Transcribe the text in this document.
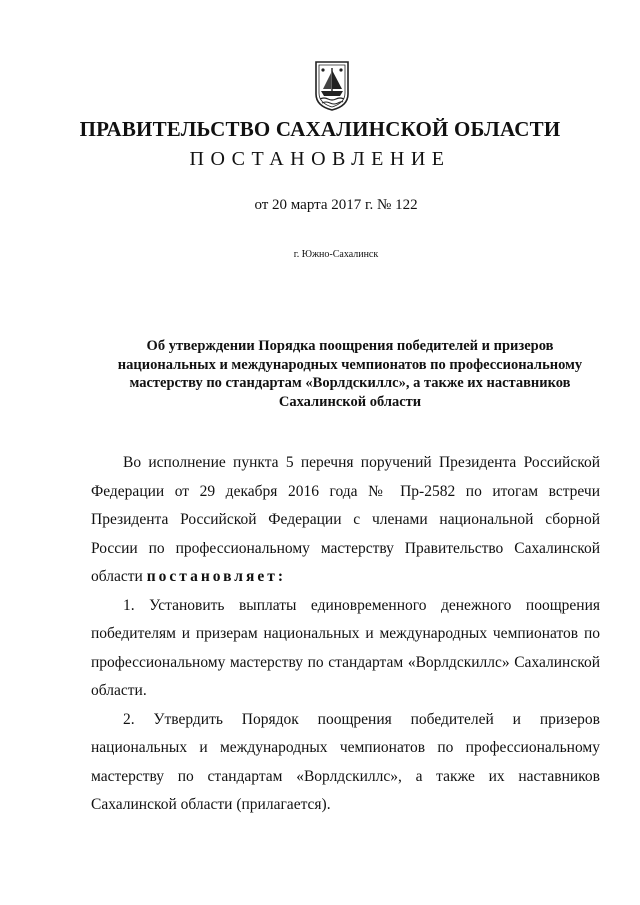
ПРАВИТЕЛЬСТВО САХАЛИНСКОЙ ОБЛАСТИ
ПОСТАНОВЛЕНИЕ
от 20 марта 2017 г. № 122
г. Южно-Сахалинск
Об утверждении Порядка поощрения победителей и призеров национальных и международных чемпионатов по профессиональному мастерству по стандартам «Ворлдскиллс», а также их наставников Сахалинской области

Во исполнение пункта 5 перечня поручений Президента Российской Федерации от 29 декабря 2016 года № Пр-2582 по итогам встречи Президента Российской Федерации с членами национальной сборной России по профессиональному мастерству Правительство Сахалинской области постановляет:

1. Установить выплаты единовременного денежного поощрения победителям и призерам национальных и международных чемпионатов по профессиональному мастерству по стандартам «Ворлдскиллс» Сахалинской области.

2. Утвердить Порядок поощрения победителей и призеров национальных и международных чемпионатов по профессиональному мастерству по стандартам «Ворлдскиллс», а также их наставников Сахалинской области (прилагается).
